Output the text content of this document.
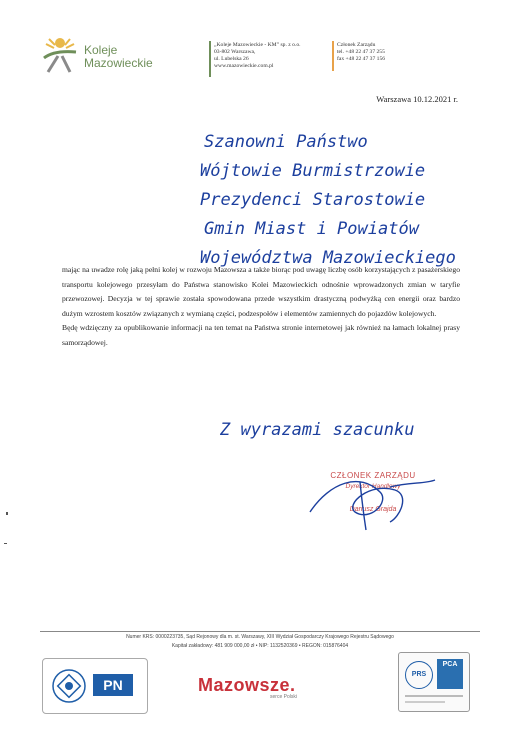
Koleje
Mazowieckie
„Koleje Mazowieckie - KM” sp. z o.o.
03-802 Warszawa,
ul. Lubelska 26
www.mazowieckie.com.pl
Członek Zarządu
tel. +48 22 47 37 255
fax +48 22 47 37 156
Warszawa 10.12.2021 r.
Szanowni Państwo
Wójtowie Burmistrzowie
Prezydenci Starostowie
Gmin Miast i Powiatów
Województwa Mazowieckiego
mając na uwadze rolę jaką pełni kolej w rozwoju Mazowsza a także biorąc pod uwagę liczbę osób korzystających z pasażerskiego transportu kolejowego przesyłam do Państwa stanowisko Kolei Mazowieckich odnośnie wprowadzonych zmian w taryfie przewozowej. Decyzja w tej sprawie została spowodowana przede wszystkim drastyczną podwyżką cen energii oraz bardzo dużym wzrostem kosztów związanych z wymianą części, podzespołów i elementów zamiennych do pojazdów kolejowych.
Będę wdzięczny za opublikowanie informacji na ten temat na Państwa stronie internetowej jak również na łamach lokalnej prasy samorządowej.
Z wyrazami szacunku
CZŁONEK ZARZĄDU
Dyrektor Handlowy
Dariusz Grajda
Numer KRS: 0000223735, Sąd Rejonowy dla m. st. Warszawy, XIII Wydział Gospodarczy Krajowego Rejestru Sądowego
Kapitał zakładowy: 481 909 000,00 zł • NIP: 1132520369 • REGON: 015876404
PN	Mazowsze.
serce Polski
PRS
PCA
